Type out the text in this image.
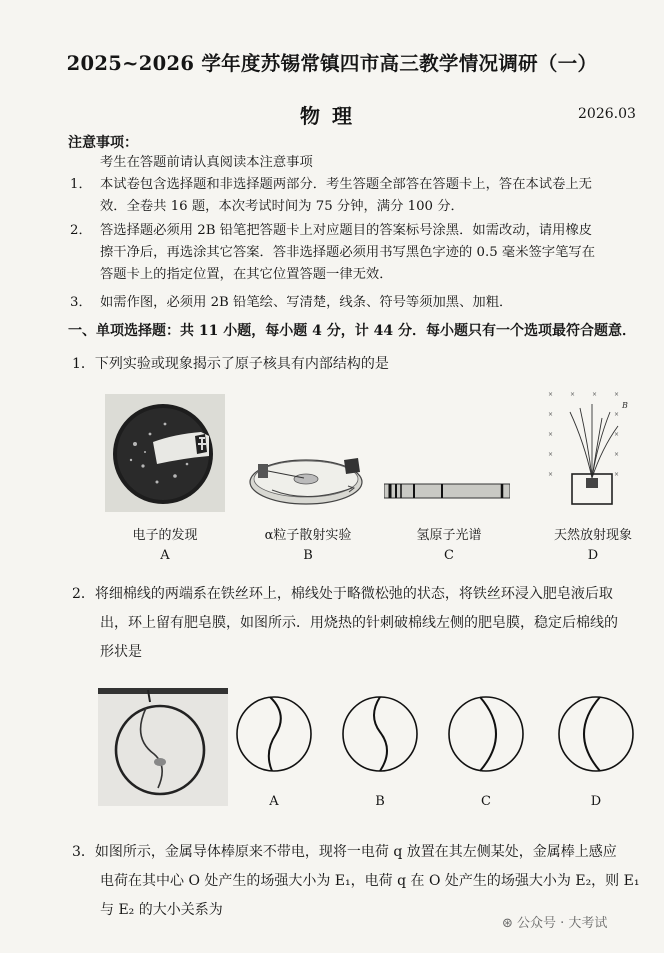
2025~2026 学年度苏锡常镇四市高三教学情况调研（一）
物理	2026.03
注意事项：
考生在答题前请认真阅读本注意事项
1． 本试卷包含选择题和非选择题两部分．考生答题全部答在答题卡上，答在本试卷上无
效．全卷共 16 题，本次考试时间为 75 分钟，满分 100 分．
2． 答选择题必须用 2B 铅笔把答题卡上对应题目的答案标号涂黑．如需改动，请用橡皮
擦干净后，再选涂其它答案．答非选择题必须用书写黑色字迹的 0.5 毫米签字笔写在
答题卡上的指定位置，在其它位置答题一律无效．
3． 如需作图，必须用 2B 铅笔绘、写清楚，线条、符号等须加黑、加粗．
一、单项选择题：共 11 小题，每小题 4 分，计 44 分．每小题只有一个选项最符合题意．
1．下列实验或现象揭示了原子核具有内部结构的是
×	×	×	×
×	×
×	×
×	×
×	×
B
电子的发现	α粒子散射实验	氢原子光谱	天然放射现象
A	B	C	D
2．将细棉线的两端系在铁丝环上，棉线处于略微松弛的状态，将铁丝环浸入肥皂液后取
出，环上留有肥皂膜，如图所示．用烧热的针刺破棉线左侧的肥皂膜，稳定后棉线的
形状是
A	B	C	D
3．如图所示，金属导体棒原来不带电，现将一电荷 q 放置在其左侧某处，金属棒上感应
电荷在其中心 O 处产生的场强大小为 E₁，电荷 q 在 O 处产生的场强大小为 E₂，则 E₁
与 E₂ 的大小关系为
⊛ 公众号 · 大考试
